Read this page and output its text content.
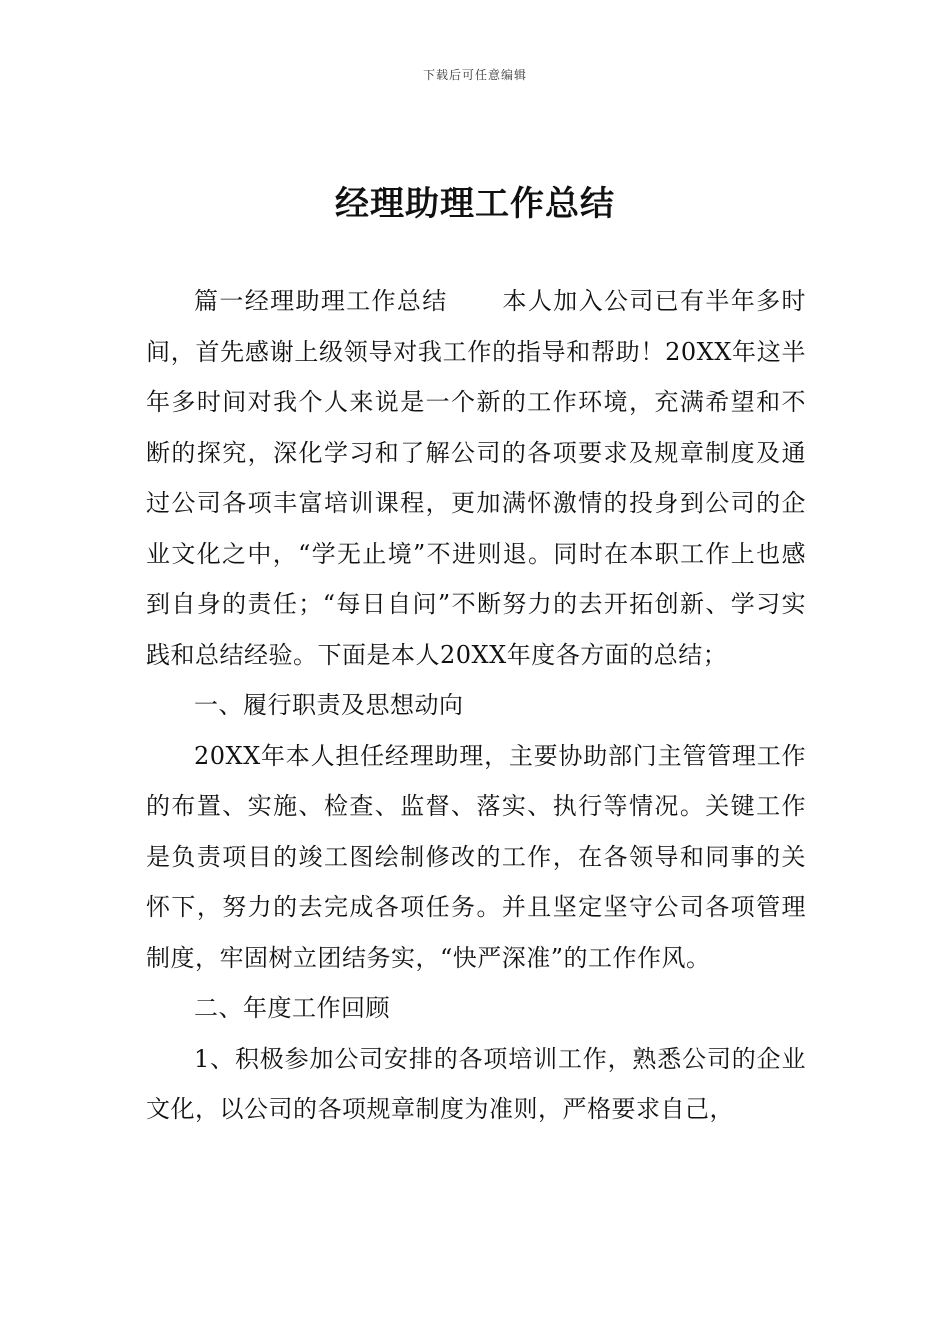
下载后可任意编辑
经理助理工作总结

篇一经理助理工作总结 本人加入公司已有半年多时间，首先感谢上级领导对我工作的指导和帮助！20XX年这半年多时间对我个人来说是一个新的工作环境，充满希望和不断的探究，深化学习和了解公司的各项要求及规章制度及通过公司各项丰富培训课程，更加满怀激情的投身到公司的企业文化之中，“学无止境”不进则退。同时在本职工作上也感到自身的责任；“每日自问”不断努力的去开拓创新、学习实践和总结经验。下面是本人20XX年度各方面的总结；

一、履行职责及思想动向

20XX年本人担任经理助理，主要协助部门主管管理工作的布置、实施、检查、监督、落实、执行等情况。关键工作是负责项目的竣工图绘制修改的工作，在各领导和同事的关怀下，努力的去完成各项任务。并且坚定坚守公司各项管理制度，牢固树立团结务实，“快严深准”的工作作风。

二、年度工作回顾

1、积极参加公司安排的各项培训工作，熟悉公司的企业文化，以公司的各项规章制度为准则，严格要求自己，
